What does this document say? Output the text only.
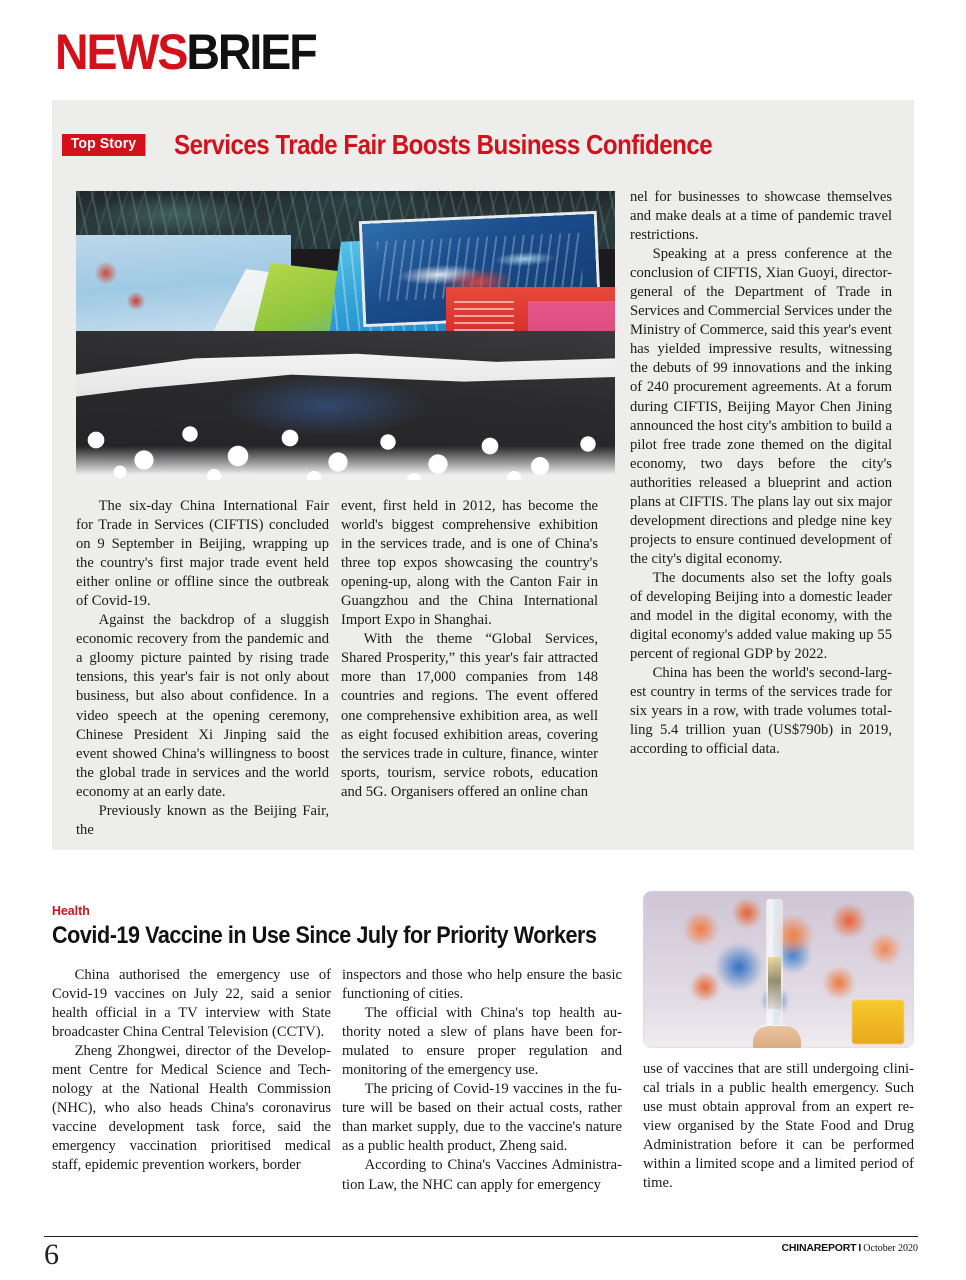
NEWSBRIEF
Top Story	Services Trade Fair Boosts Business Confidence

The six-day China International Fair for Trade in Services (CIFTIS) concluded on 9 September in Beijing, wrapping up the country's first major trade event held either online or offline since the outbreak of Covid-19.

Against the backdrop of a sluggish economic recovery from the pandemic and a gloomy picture painted by rising trade tensions, this year's fair is not only about business, but also about confidence. In a video speech at the opening ceremony, Chinese President Xi Jinping said the event showed China's willingness to boost the global trade in services and the world economy at an early date.

Previously known as the Beijing Fair, the

event, first held in 2012, has become the world's biggest comprehensive exhibition in the services trade, and is one of China's three top expos showcasing the country's opening-up, along with the Canton Fair in Guangzhou and the China International Import Expo in Shanghai.

With the theme “Global Services, Shared Prosperity,” this year's fair attracted more than 17,000 companies from 148 countries and regions. The event offered one comprehensive exhibition area, as well as eight focused exhibition areas, covering the services trade in culture, finance, winter sports, tourism, service robots, education and 5G. Organisers offered an online chan

nel for businesses to showcase themselves and make deals at a time of pandemic travel restrictions.

Speaking at a press conference at the conclusion of CIFTIS, Xian Guoyi, director-general of the Department of Trade in Services and Commercial Services under the Ministry of Commerce, said this year's event has yielded impressive results, witnessing the debuts of 99 innovations and the inking of 240 procurement agreements. At a forum during CIFTIS, Beijing Mayor Chen Jining announced the host city's ambition to build a pilot free trade zone themed on the digital economy, two days before the city's authorities released a blueprint and action plans at CIFTIS. The plans lay out six major development directions and pledge nine key projects to ensure continued development of the city's digital economy.

The documents also set the lofty goals of developing Beijing into a domestic leader and model in the digital economy, with the digital economy's added value making up 55 percent of regional GDP by 2022.

China has been the world's second-largest country in terms of the services trade for six years in a row, with trade volumes totalling 5.4 trillion yuan (US$790b) in 2019, according to official data.

Health
Covid-19 Vaccine in Use Since July for Priority Workers

China authorised the emergency use of Covid-19 vaccines on July 22, said a senior health official in a TV interview with State broadcaster China Central Television (CCTV).

Zheng Zhongwei, director of the Development Centre for Medical Science and Technology at the National Health Commission (NHC), who also heads China's coronavirus vaccine development task force, said the emergency vaccination prioritised medical staff, epidemic prevention workers, border

inspectors and those who help ensure the basic functioning of cities.

The official with China's top health authority noted a slew of plans have been formulated to ensure proper regulation and monitoring of the emergency use.

The pricing of Covid-19 vaccines in the future will be based on their actual costs, rather than market supply, due to the vaccine's nature as a public health product, Zheng said.

According to China's Vaccines Administration Law, the NHC can apply for emergency

use of vaccines that are still undergoing clinical trials in a public health emergency. Such use must obtain approval from an expert review organised by the State Food and Drug Administration before it can be performed within a limited scope and a limited period of time.

6	CHINAREPORT I October 2020
